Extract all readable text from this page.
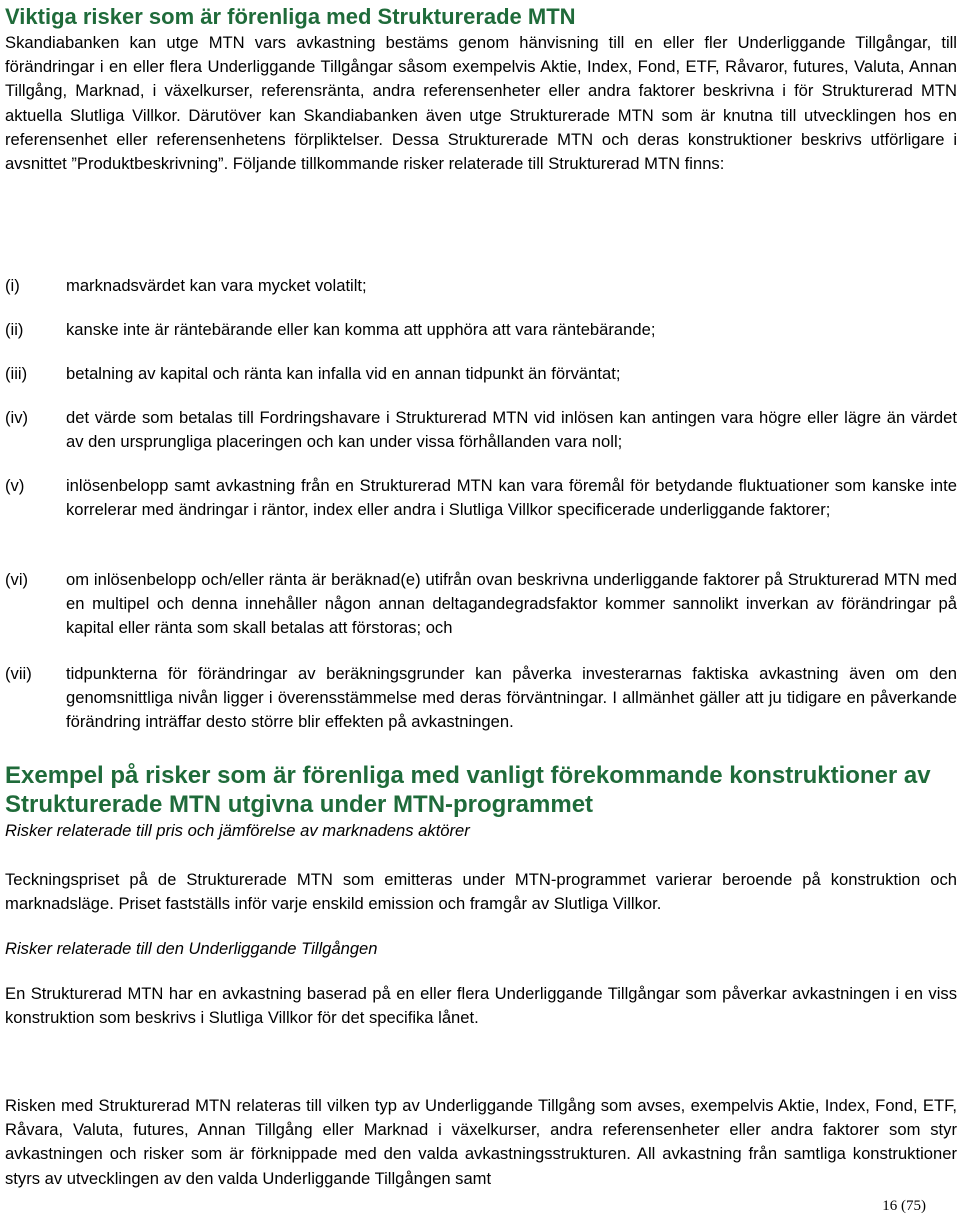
Viktiga risker som är förenliga med Strukturerade MTN

Skandiabanken kan utge MTN vars avkastning bestäms genom hänvisning till en eller fler Underliggande Tillgångar, till förändringar i en eller flera Underliggande Tillgångar såsom exempelvis Aktie, Index, Fond, ETF, Råvaror, futures, Valuta, Annan Tillgång, Marknad, i växelkurser, referensränta, andra referensenheter eller andra faktorer beskrivna i för Strukturerad MTN aktuella Slutliga Villkor. Därutöver kan Skandiabanken även utge Strukturerade MTN som är knutna till utvecklingen hos en referensenhet eller referensenhetens förpliktelser. Dessa Strukturerade MTN och deras konstruktioner beskrivs utförligare i avsnittet ”Produktbeskrivning”. Följande tillkommande risker relaterade till Strukturerad MTN finns:

(i)	marknadsvärdet kan vara mycket volatilt;
(ii)	kanske inte är räntebärande eller kan komma att upphöra att vara räntebärande;
(iii)	betalning av kapital och ränta kan infalla vid en annan tidpunkt än förväntat;
(iv)	det värde som betalas till Fordringshavare i Strukturerad MTN vid inlösen kan antingen vara högre eller lägre än värdet av den ursprungliga placeringen och kan under vissa förhållanden vara noll;
(v)	inlösenbelopp samt avkastning från en Strukturerad MTN kan vara föremål för betydande fluktuationer som kanske inte korrelerar med ändringar i räntor, index eller andra i Slutliga Villkor specificerade underliggande faktorer;
(vi)	om inlösenbelopp och/eller ränta är beräknad(e) utifrån ovan beskrivna underliggande faktorer på Strukturerad MTN med en multipel och denna innehåller någon annan deltagandegradsfaktor kommer sannolikt inverkan av förändringar på kapital eller ränta som skall betalas att förstoras; och
(vii)	tidpunkterna för förändringar av beräkningsgrunder kan påverka investerarnas faktiska avkastning även om den genomsnittliga nivån ligger i överensstämmelse med deras förväntningar. I allmänhet gäller att ju tidigare en påverkande förändring inträffar desto större blir effekten på avkastningen.
Exempel på risker som är förenliga med vanligt förekommande konstruktioner av Strukturerade MTN utgivna under MTN-programmet
Risker relaterade till pris och jämförelse av marknadens aktörer

Teckningspriset på de Strukturerade MTN som emitteras under MTN-programmet varierar beroende på konstruktion och marknadsläge. Priset fastställs inför varje enskild emission och framgår av Slutliga Villkor.

Risker relaterade till den Underliggande Tillgången

En Strukturerad MTN har en avkastning baserad på en eller flera Underliggande Tillgångar som påverkar avkastningen i en viss konstruktion som beskrivs i Slutliga Villkor för det specifika lånet.

Risken med Strukturerad MTN relateras till vilken typ av Underliggande Tillgång som avses, exempelvis Aktie, Index, Fond, ETF, Råvara, Valuta, futures, Annan Tillgång eller Marknad i växelkurser, andra referensenheter eller andra faktorer som styr avkastningen och risker som är förknippade med den valda avkastningsstrukturen. All avkastning från samtliga konstruktioner styrs av utvecklingen av den valda Underliggande Tillgången samt

16 (75)
